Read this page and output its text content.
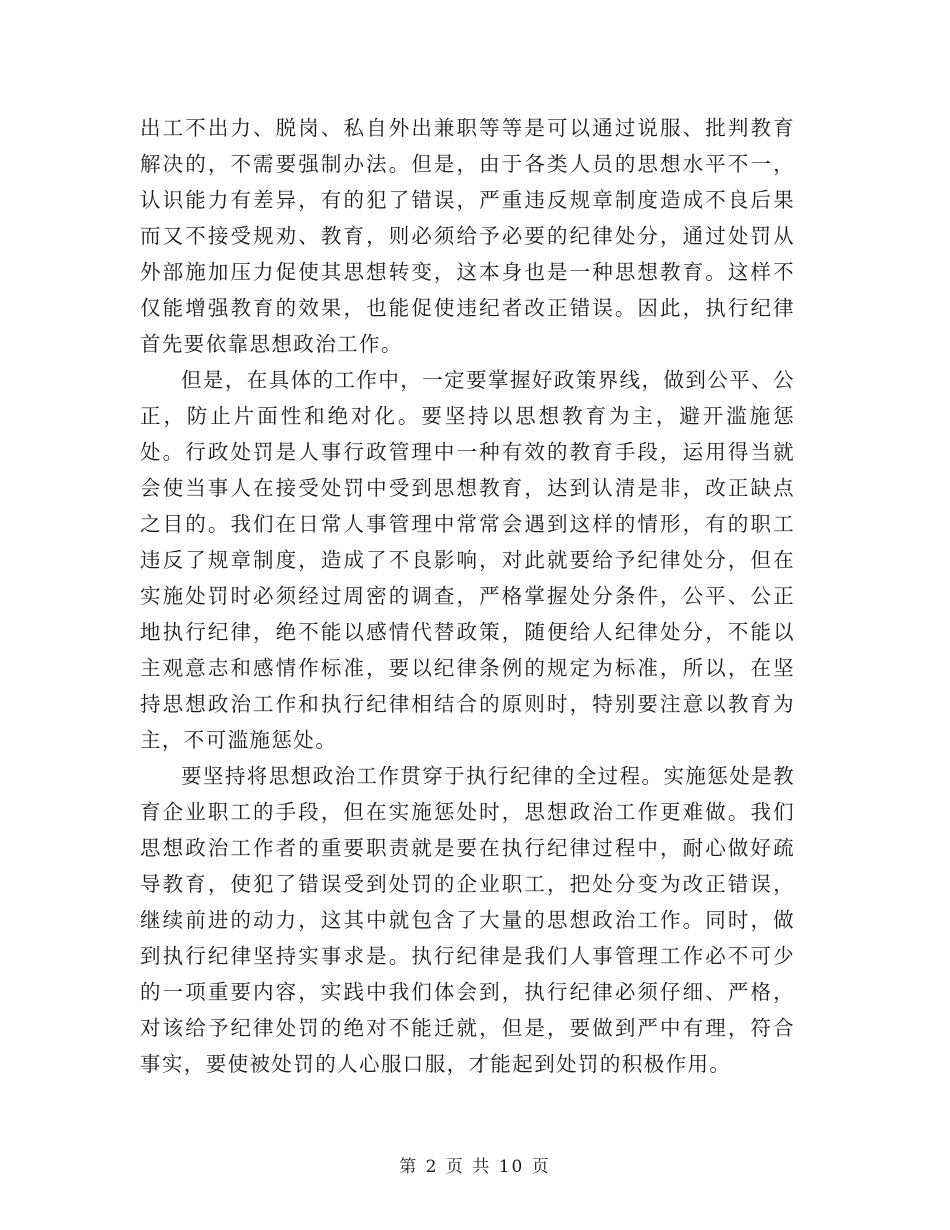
出工不出力、脱岗、私自外出兼职等等是可以通过说服、批判教育解决的，不需要强制办法。但是，由于各类人员的思想水平不一，认识能力有差异，有的犯了错误，严重违反规章制度造成不良后果而又不接受规劝、教育，则必须给予必要的纪律处分，通过处罚从外部施加压力促使其思想转变，这本身也是一种思想教育。这样不仅能增强教育的效果，也能促使违纪者改正错误。因此，执行纪律首先要依靠思想政治工作。

但是，在具体的工作中，一定要掌握好政策界线，做到公平、公正，防止片面性和绝对化。要坚持以思想教育为主，避开滥施惩处。行政处罚是人事行政管理中一种有效的教育手段，运用得当就会使当事人在接受处罚中受到思想教育，达到认清是非，改正缺点之目的。我们在日常人事管理中常常会遇到这样的情形，有的职工违反了规章制度，造成了不良影响，对此就要给予纪律处分，但在实施处罚时必须经过周密的调查，严格掌握处分条件，公平、公正地执行纪律，绝不能以感情代替政策，随便给人纪律处分，不能以主观意志和感情作标准，要以纪律条例的规定为标准，所以，在坚持思想政治工作和执行纪律相结合的原则时，特别要注意以教育为主，不可滥施惩处。

要坚持将思想政治工作贯穿于执行纪律的全过程。实施惩处是教育企业职工的手段，但在实施惩处时，思想政治工作更难做。我们思想政治工作者的重要职责就是要在执行纪律过程中，耐心做好疏导教育，使犯了错误受到处罚的企业职工，把处分变为改正错误，继续前进的动力，这其中就包含了大量的思想政治工作。同时，做到执行纪律坚持实事求是。执行纪律是我们人事管理工作必不可少的一项重要内容，实践中我们体会到，执行纪律必须仔细、严格，对该给予纪律处罚的绝对不能迁就，但是，要做到严中有理，符合事实，要使被处罚的人心服口服，才能起到处罚的积极作用。

第 2 页 共 10 页
